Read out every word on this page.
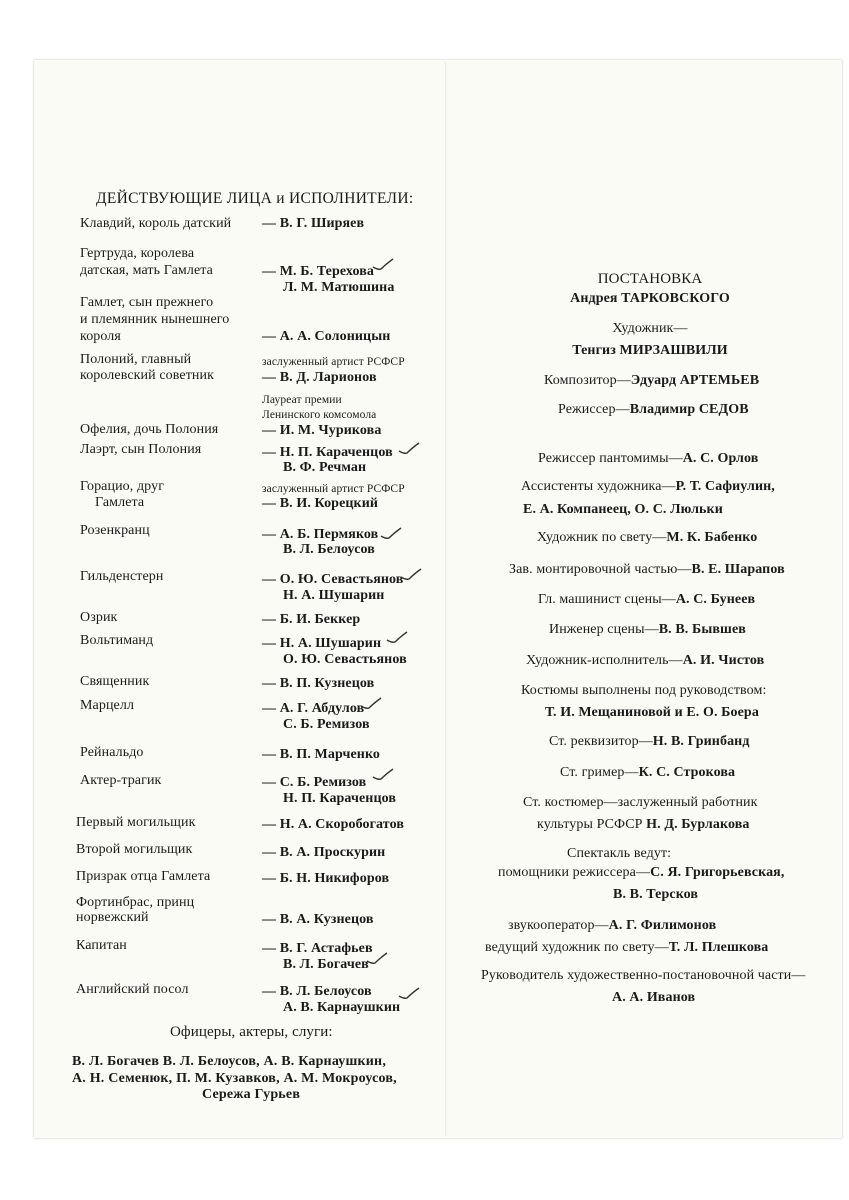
ДЕЙСТВУЮЩИЕ ЛИЦА и ИСПОЛНИТЕЛИ:
Клавдий, король датский — В. Г. Ширяев
Гертруда, королева
датская, мать Гамлета	— М. Б. Терехова
Л. М. Матюшина
Гамлет, сын прежнего
и племянник нынешнего
короля	— А. А. Солоницын
Полоний, главный
королевский советник
заслуженный артист РСФСР
— В. Д. Ларионов
Лауреат премии
Ленинского комсомола
Офелия, дочь Полония	— И. М. Чурикова
Лаэрт, сын Полония	— Н. П. Караченцов
В. Ф. Речман
Горацио, друг
Гамлета
заслуженный артист РСФСР
— В. И. Корецкий
Розенкранц	— А. Б. Пермяков
В. Л. Белоусов
Гильденстерн	— О. Ю. Севастьянов
Н. А. Шушарин
Озрик	— Б. И. Беккер
Вольтиманд	— Н. А. Шушарин
О. Ю. Севастьянов
Священник	— В. П. Кузнецов
Марцелл	— А. Г. Абдулов
С. Б. Ремизов
Рейнальдо	— В. П. Марченко
Актер-трагик	— С. Б. Ремизов
Н. П. Караченцов
Первый могильщик	— Н. А. Скоробогатов
Второй могильщик	— В. А. Проскурин
Призрак отца Гамлета	— Б. Н. Никифоров
Фортинбрас, принц
норвежский	— В. А. Кузнецов
Капитан	— В. Г. Астафьев
В. Л. Богачев
Английский посол	— В. Л. Белоусов
А. В. Карнаушкин
Офицеры, актеры, слуги:
В. Л. Богачев В. Л. Белоусов, А. В. Карнаушкин,
А. Н. Семенюк, П. М. Кузавков, А. М. Мокроусов,
Сережа Гурьев
ПОСТАНОВКА
Андрея ТАРКОВСКОГО
Художник—
Тенгиз МИРЗАШВИЛИ
Композитор—Эдуард АРТЕМЬЕВ
Режиссер—Владимир СЕДОВ
Режиссер пантомимы—А. С. Орлов
Ассистенты художника—Р. Т. Сафиулин,
Е. А. Компанеец, О. С. Люльки
Художник по свету—М. К. Бабенко
Зав. монтировочной частью—В. Е. Шарапов
Гл. машинист сцены—А. С. Бунеев
Инженер сцены—В. В. Бывшев
Художник-исполнитель—А. И. Чистов
Костюмы выполнены под руководством:
Т. И. Мещаниновой и Е. О. Боера
Ст. реквизитор—Н. В. Гринбанд
Ст. гример—К. С. Строкова
Ст. костюмер—заслуженный работник
культуры РСФСР Н. Д. Бурлакова
Спектакль ведут:
помощники режиссера—С. Я. Григорьевская,
В. В. Терсков
звукооператор—А. Г. Филимонов
ведущий художник по свету—Т. Л. Плешкова
Руководитель художественно-постановочной части—
А. А. Иванов
